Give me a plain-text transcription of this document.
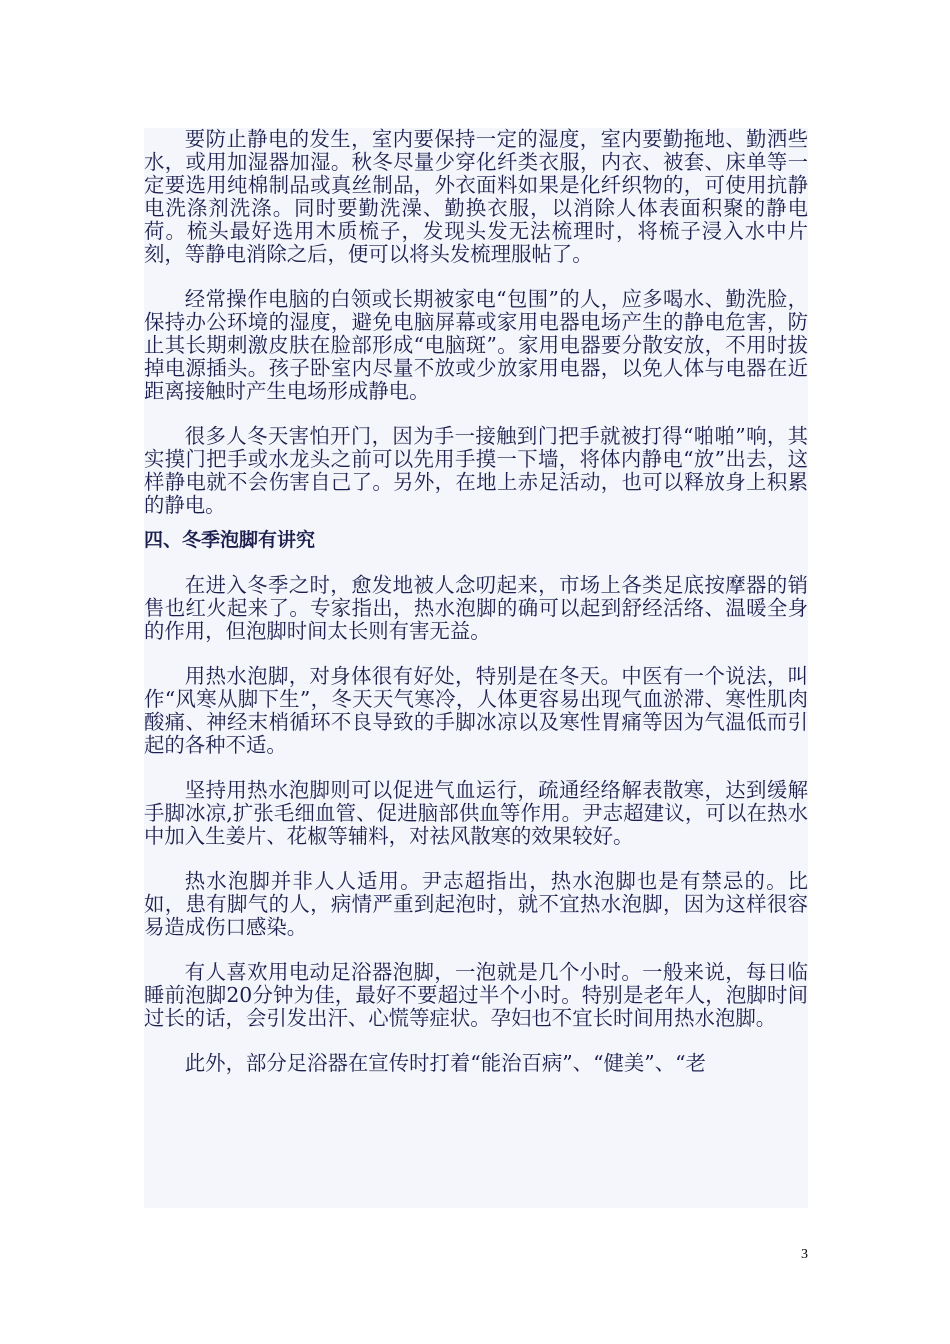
要防止静电的发生，室内要保持一定的湿度，室内要勤拖地、勤洒些水，或用加湿器加湿。秋冬尽量少穿化纤类衣服，内衣、被套、床单等一定要选用纯棉制品或真丝制品，外衣面料如果是化纤织物的，可使用抗静电洗涤剂洗涤。同时要勤洗澡、勤换衣服，以消除人体表面积聚的静电荷。梳头最好选用木质梳子，发现头发无法梳理时，将梳子浸入水中片刻，等静电消除之后，便可以将头发梳理服帖了。

经常操作电脑的白领或长期被家电“包围”的人，应多喝水、勤洗脸，保持办公环境的湿度，避免电脑屏幕或家用电器电场产生的静电危害，防止其长期刺激皮肤在脸部形成“电脑斑”。家用电器要分散安放，不用时拔掉电源插头。孩子卧室内尽量不放或少放家用电器，以免人体与电器在近距离接触时产生电场形成静电。

很多人冬天害怕开门，因为手一接触到门把手就被打得“啪啪”响，其实摸门把手或水龙头之前可以先用手摸一下墙，将体内静电“放”出去，这样静电就不会伤害自己了。另外，在地上赤足活动，也可以释放身上积累的静电。

四、冬季泡脚有讲究

在进入冬季之时，愈发地被人念叨起来，市场上各类足底按摩器的销售也红火起来了。专家指出，热水泡脚的确可以起到舒经活络、温暖全身的作用，但泡脚时间太长则有害无益。

用热水泡脚，对身体很有好处，特别是在冬天。中医有一个说法，叫作“风寒从脚下生”，冬天天气寒冷，人体更容易出现气血淤滞、寒性肌肉酸痛、神经末梢循环不良导致的手脚冰凉以及寒性胃痛等因为气温低而引起的各种不适。

坚持用热水泡脚则可以促进气血运行，疏通经络解表散寒，达到缓解手脚冰凉,扩张毛细血管、促进脑部供血等作用。尹志超建议，可以在热水中加入生姜片、花椒等辅料，对祛风散寒的效果较好。

热水泡脚并非人人适用。尹志超指出，热水泡脚也是有禁忌的。比如，患有脚气的人，病情严重到起泡时，就不宜热水泡脚，因为这样很容易造成伤口感染。

有人喜欢用电动足浴器泡脚，一泡就是几个小时。一般来说，每日临睡前泡脚20分钟为佳，最好不要超过半个小时。特别是老年人，泡脚时间过长的话，会引发出汗、心慌等症状。孕妇也不宜长时间用热水泡脚。

此外，部分足浴器在宣传时打着“能治百病”、“健美”、“老

3
